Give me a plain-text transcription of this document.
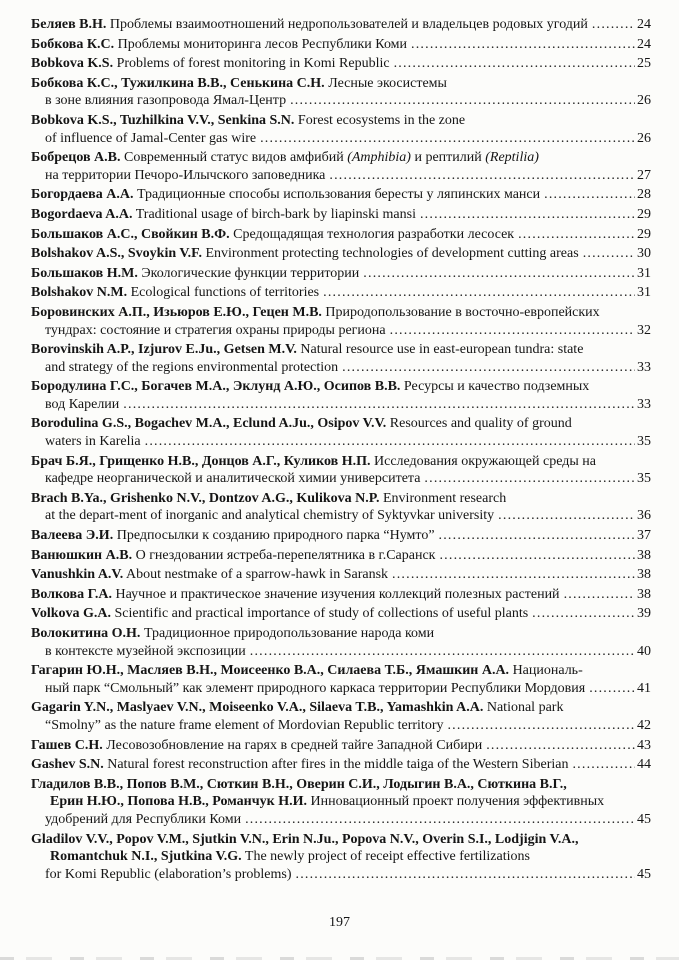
Беляев В.Н. Проблемы взаимоотношений недропользователей и владельцев родовых угодий .....	24
Бобкова К.С. Проблемы мониторинга лесов Республики Коми .....	24
Bobkova K.S. Problems of forest monitoring in Komi Republic .....	25
Бобкова К.С., Тужилкина В.В., Сенькина С.Н. Лесные экосистемы
в зоне влияния газопровода Ямал-Центр .....	26
Bobkova K.S., Tuzhilkina V.V., Senkina S.N. Forest ecosystems in the zone
of influence of Jamal-Center gas wire .....	26
Бобрецов А.В. Современный статус видов амфибий (Amphibia) и рептилий (Reptilia)
на территории Печоро-Илычского заповедника .....	27
Богордаева А.А. Традиционные способы использования бересты у ляпинских манси .....	28
Bogordaeva A.A. Traditional usage of birch-bark by liapinski mansi .....	29
Большаков А.С., Свойкин В.Ф. Средощадящая технология разработки лесосек .....	29
Bolshakov A.S., Svoykin V.F. Environment protecting technologies of development cutting areas .....	30
Большаков Н.М. Экологические функции территории .....	31
Bolshakov N.M. Ecological functions of territories .....	31
Боровинских А.П., Изьюров Е.Ю., Гецен М.В. Природопользование в восточно-европейских
тундрах: состояние и стратегия охраны природы региона .....	32
Borovinskih A.P., Izjurov E.Ju., Getsen M.V. Natural resource use in east-european tundra: state
and strategy of the regions environmental protection .....	33
Бородулина Г.С., Богачев М.А., Эклунд А.Ю., Осипов В.В. Ресурсы и качество подземных
вод Карелии .....	33
Borodulina G.S., Bogachev M.A., Eclund A.Ju., Osipov V.V. Resources and quality of ground
waters in Karelia .....	35
Брач Б.Я., Грищенко Н.В., Донцов А.Г., Куликов Н.П. Исследования окружающей среды на
кафедре неорганической и аналитической химии университета .....	35
Brach B.Ya., Grishenko N.V., Dontzov A.G., Kulikova N.P. Environment research
at the depart-ment of inorganic and analytical chemistry of Syktyvkar university .....	36
Валеева Э.И. Предпосылки к созданию природного парка “Нумто” .....	37
Ванюшкин А.В. О гнездовании ястреба-перепелятника в г.Саранск .....	38
Vanushkin A.V. About nestmake of a sparrow-hawk in Saransk .....	38
Волкова Г.А. Научное и практическое значение изучения коллекций полезных растений .....	38
Volkova G.A. Scientific and practical importance of study of collections of useful plants .....	39
Волокитина О.Н. Традиционное природопользование народа коми
в контексте музейной экспозиции .....	40
Гагарин Ю.Н., Масляев В.Н., Моисеенко В.А., Силаева Т.Б., Ямашкин А.А. Националь-
ный парк “Смольный” как элемент природного каркаса территории Республики Мордовия .....	41
Gagarin Y.N., Maslyaev V.N., Moiseenko V.A., Silaeva T.B., Yamashkin A.A. National park
“Smolny” as the nature frame element of Mordovian Republic territory .....	42
Гашев С.Н. Лесовозобновление на гарях в средней тайге Западной Сибири .....	43
Gashev S.N. Natural forest reconstruction after fires in the middle taiga of the Western Siberian .....	44
Гладилов В.В., Попов В.М., Сюткин В.Н., Оверин С.И., Лодыгин В.А., Сюткина В.Г.,
Ерин Н.Ю., Попова Н.В., Романчук Н.И. Инновационный проект получения эффективных
удобрений для Республики Коми .....	45
Gladilov V.V., Popov V.M., Sjutkin V.N., Erin N.Ju., Popova N.V., Overin S.I., Lodjigin V.A.,
Romantchuk N.I., Sjutkina V.G. The newly project of receipt effective fertilizations
for Komi Republic (elaboration’s problems) .....	45
197
